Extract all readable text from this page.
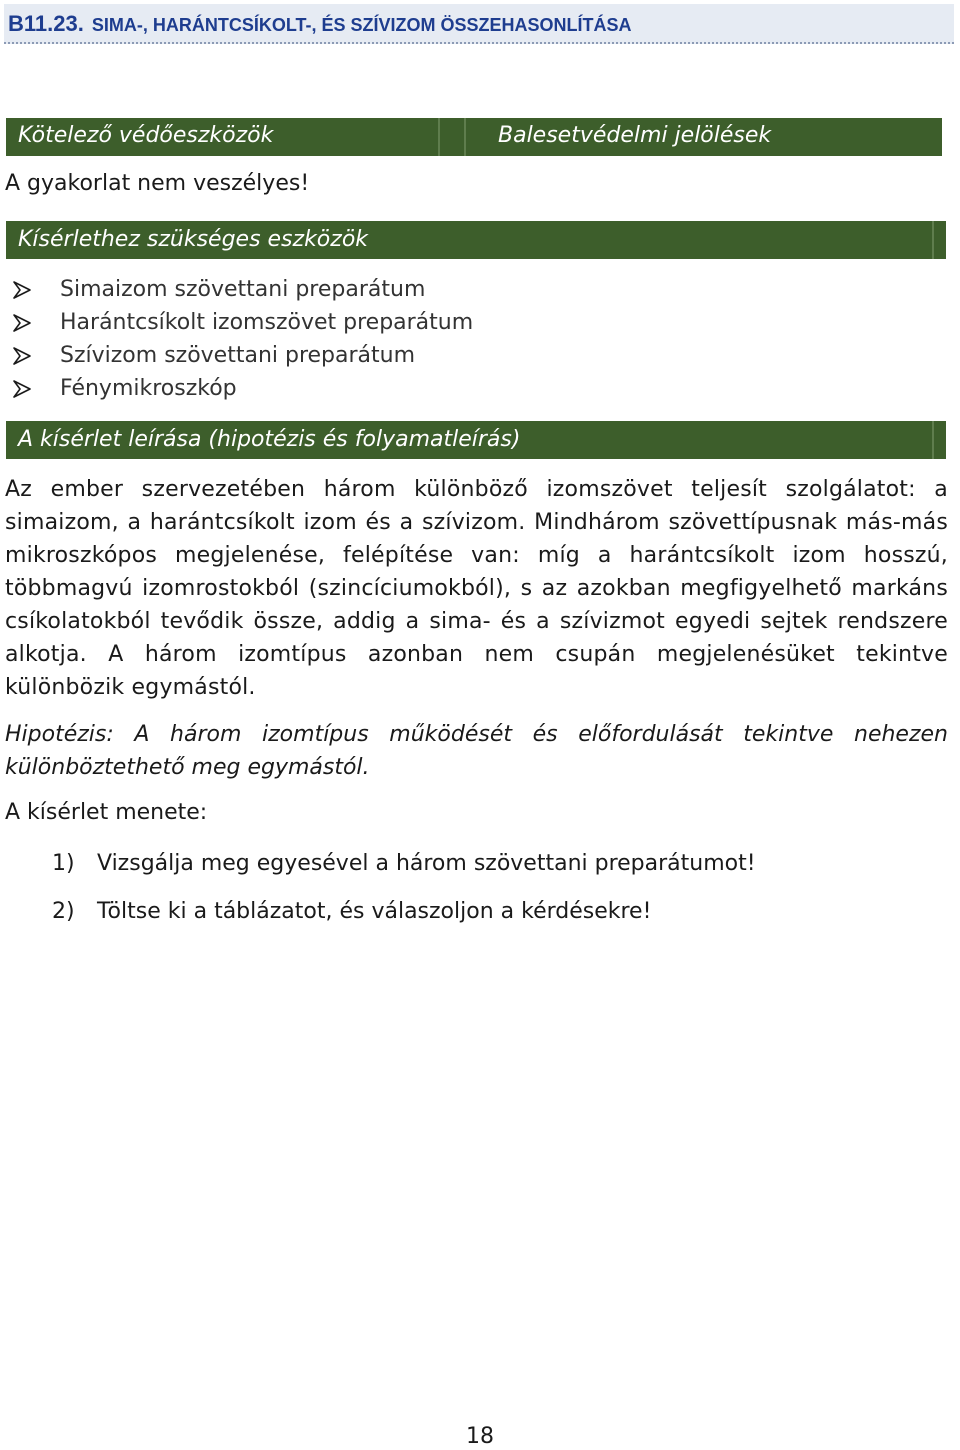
B11.23. SIMA-, HARÁNTCSÍKOLT-, ÉS SZÍVIZOM ÖSSZEHASONLÍTÁSA
Kötelező védőeszközök	Balesetvédelmi jelölések
A gyakorlat nem veszélyes!
Kísérlethez szükséges eszközök
Simaizom szövettani preparátum
Harántcsíkolt izomszövet preparátum
Szívizom szövettani preparátum
Fénymikroszkóp
A kísérlet leírása (hipotézis és folyamatleírás)

Az ember szervezetében három különböző izomszövet teljesít szolgálatot: a simaizom, a harántcsíkolt izom és a szívizom. Mindhárom szövettípusnak más-más mikroszkópos megjelenése, felépítése van: míg a harántcsíkolt izom hosszú, többmagvú izomrostokból (szincíciumokból), s az azokban megfigyelhető markáns csíkolatokból tevődik össze, addig a sima- és a szívizmot egyedi sejtek rendszere alkotja. A három izomtípus azonban nem csupán megjelenésüket tekintve különbözik egymástól.

Hipotézis: A három izomtípus működését és előfordulását tekintve nehezen különböztethető meg egymástól.

A kísérlet menete:
1) Vizsgálja meg egyesével a három szövettani preparátumot!
2) Töltse ki a táblázatot, és válaszoljon a kérdésekre!
18
